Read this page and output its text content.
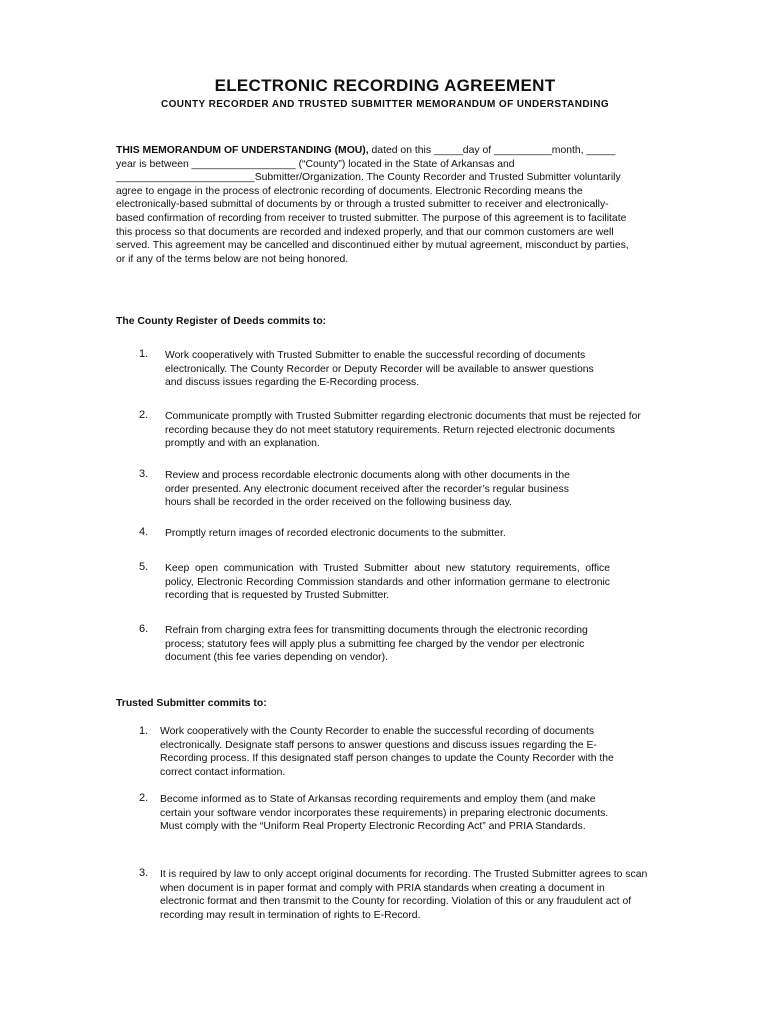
ELECTRONIC RECORDING AGREEMENT
COUNTY RECORDER AND TRUSTED SUBMITTER MEMORANDUM OF UNDERSTANDING

THIS MEMORANDUM OF UNDERSTANDING (MOU), dated on this _____day of __________month, _____ year is between __________________ (“County”) located in the State of Arkansas and ________________________Submitter/Organization. The County Recorder and Trusted Submitter voluntarily agree to engage in the process of electronic recording of documents. Electronic Recording means the electronically-based submittal of documents by or through a trusted submitter to receiver and electronically-based confirmation of recording from receiver to trusted submitter. The purpose of this agreement is to facilitate this process so that documents are recorded and indexed properly, and that our common customers are well served. This agreement may be cancelled and discontinued either by mutual agreement, misconduct by parties, or if any of the terms below are not being honored.

The County Register of Deeds commits to:
1. Work cooperatively with Trusted Submitter to enable the successful recording of documents electronically. The County Recorder or Deputy Recorder will be available to answer questions and discuss issues regarding the E-Recording process.

2. Communicate promptly with Trusted Submitter regarding electronic documents that must be rejected for recording because they do not meet statutory requirements. Return rejected electronic documents promptly and with an explanation.

3. Review and process recordable electronic documents along with other documents in the order presented. Any electronic document received after the recorder’s regular business hours shall be recorded in the order received on the following business day.

4. Promptly return images of recorded electronic documents to the submitter.

5. Keep open communication with Trusted Submitter about new statutory requirements, office policy, Electronic Recording Commission standards and other information germane to electronic recording that is requested by Trusted Submitter.

6. Refrain from charging extra fees for transmitting documents through the electronic recording process; statutory fees will apply plus a submitting fee charged by the vendor per electronic document (this fee varies depending on vendor).

Trusted Submitter commits to:
1. Work cooperatively with the County Recorder to enable the successful recording of documents electronically. Designate staff persons to answer questions and discuss issues regarding the E-Recording process. If this designated staff person changes to update the County Recorder with the correct contact information.

2. Become informed as to State of Arkansas recording requirements and employ them (and make certain your software vendor incorporates these requirements) in preparing electronic documents. Must comply with the “Uniform Real Property Electronic Recording Act” and PRIA Standards.

3. It is required by law to only accept original documents for recording. The Trusted Submitter agrees to scan when document is in paper format and comply with PRIA standards when creating a document in electronic format and then transmit to the County for recording. Violation of this or any fraudulent act of recording may result in termination of rights to E-Record.
